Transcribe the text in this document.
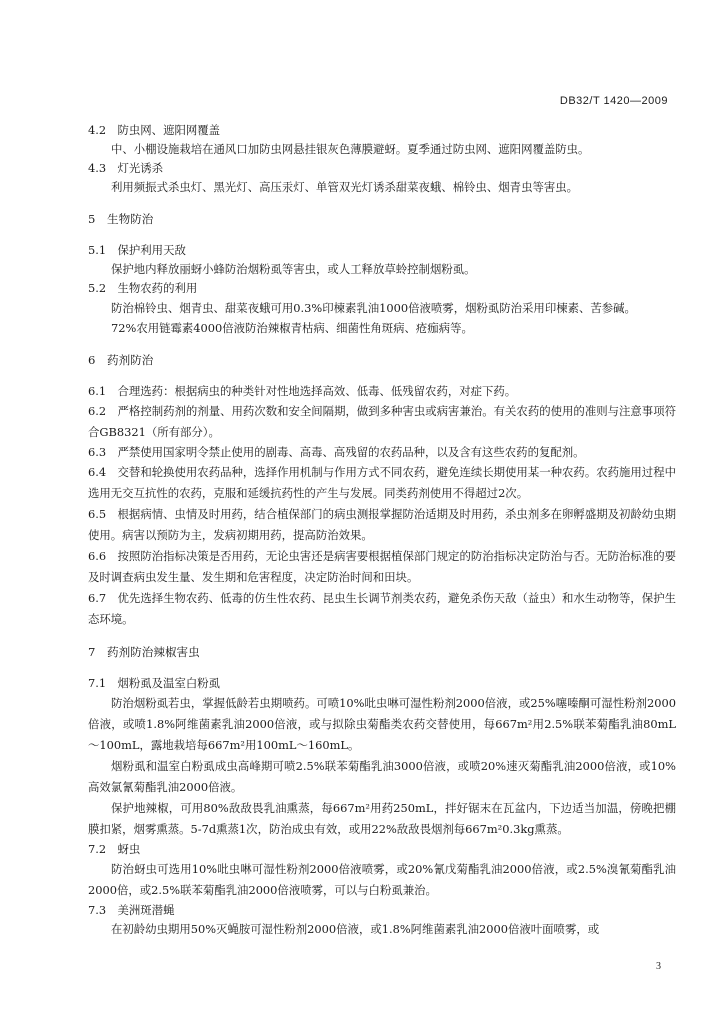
DB32/T 1420—2009
4.2　防虫网、遮阳网覆盖
中、小棚设施栽培在通风口加防虫网悬挂银灰色薄膜避蚜。夏季通过防虫网、遮阳网覆盖防虫。
4.3　灯光诱杀
利用频振式杀虫灯、黑光灯、高压汞灯、单管双光灯诱杀甜菜夜蛾、棉铃虫、烟青虫等害虫。
5　生物防治
5.1　保护利用天敌
保护地内释放丽蚜小蜂防治烟粉虱等害虫，或人工释放草蛉控制烟粉虱。
5.2　生物农药的利用
防治棉铃虫、烟青虫、甜菜夜蛾可用0.3%印楝素乳油1000倍液喷雾，烟粉虱防治采用印楝素、苦参碱。
72%农用链霉素4000倍液防治辣椒青枯病、细菌性角斑病、疮痂病等。
6　药剂防治
6.1　合理选药：根据病虫的种类针对性地选择高效、低毒、低残留农药，对症下药。
6.2　严格控制药剂的剂量、用药次数和安全间隔期，做到多种害虫或病害兼治。有关农药的使用的准则与注意事项符合GB8321（所有部分）。
6.3　严禁使用国家明令禁止使用的剧毒、高毒、高残留的农药品种，以及含有这些农药的复配剂。
6.4　交替和轮换使用农药品种，选择作用机制与作用方式不同农药，避免连续长期使用某一种农药。农药施用过程中选用无交互抗性的农药，克服和延缓抗药性的产生与发展。同类药剂使用不得超过2次。
6.5　根据病情、虫情及时用药，结合植保部门的病虫测报掌握防治适期及时用药，杀虫剂多在卵孵盛期及初龄幼虫期使用。病害以预防为主，发病初期用药，提高防治效果。
6.6　按照防治指标决策是否用药，无论虫害还是病害要根据植保部门规定的防治指标决定防治与否。无防治标准的要及时调查病虫发生量、发生期和危害程度，决定防治时间和田块。
6.7　优先选择生物农药、低毒的仿生性农药、昆虫生长调节剂类农药，避免杀伤天敌（益虫）和水生动物等，保护生态环境。
7　药剂防治辣椒害虫
7.1　烟粉虱及温室白粉虱
防治烟粉虱若虫，掌握低龄若虫期喷药。可喷10%吡虫啉可湿性粉剂2000倍液，或25%噻嗪酮可湿性粉剂2000倍液，或喷1.8%阿维菌素乳油2000倍液，或与拟除虫菊酯类农药交替使用，每667m²用2.5%联苯菊酯乳油80mL～100mL，露地栽培每667m²用100mL～160mL。
烟粉虱和温室白粉虱成虫高峰期可喷2.5%联苯菊酯乳油3000倍液，或喷20%速灭菊酯乳油2000倍液，或10%高效氯氰菊酯乳油2000倍液。
保护地辣椒，可用80%敌敌畏乳油熏蒸，每667m²用药250mL，拌好锯末在瓦盆内，下边适当加温，傍晚把棚膜扣紧，烟雾熏蒸。5-7d熏蒸1次，防治成虫有效，或用22%敌敌畏烟剂每667m²0.3kg熏蒸。
7.2　蚜虫
防治蚜虫可选用10%吡虫啉可湿性粉剂2000倍液喷雾，或20%氰戊菊酯乳油2000倍液，或2.5%溴氰菊酯乳油2000倍，或2.5%联苯菊酯乳油2000倍液喷雾，可以与白粉虱兼治。
7.3　美洲斑潜蝇
在初龄幼虫期用50%灭蝇胺可湿性粉剂2000倍液，或1.8%阿维菌素乳油2000倍液叶面喷雾，或
3
